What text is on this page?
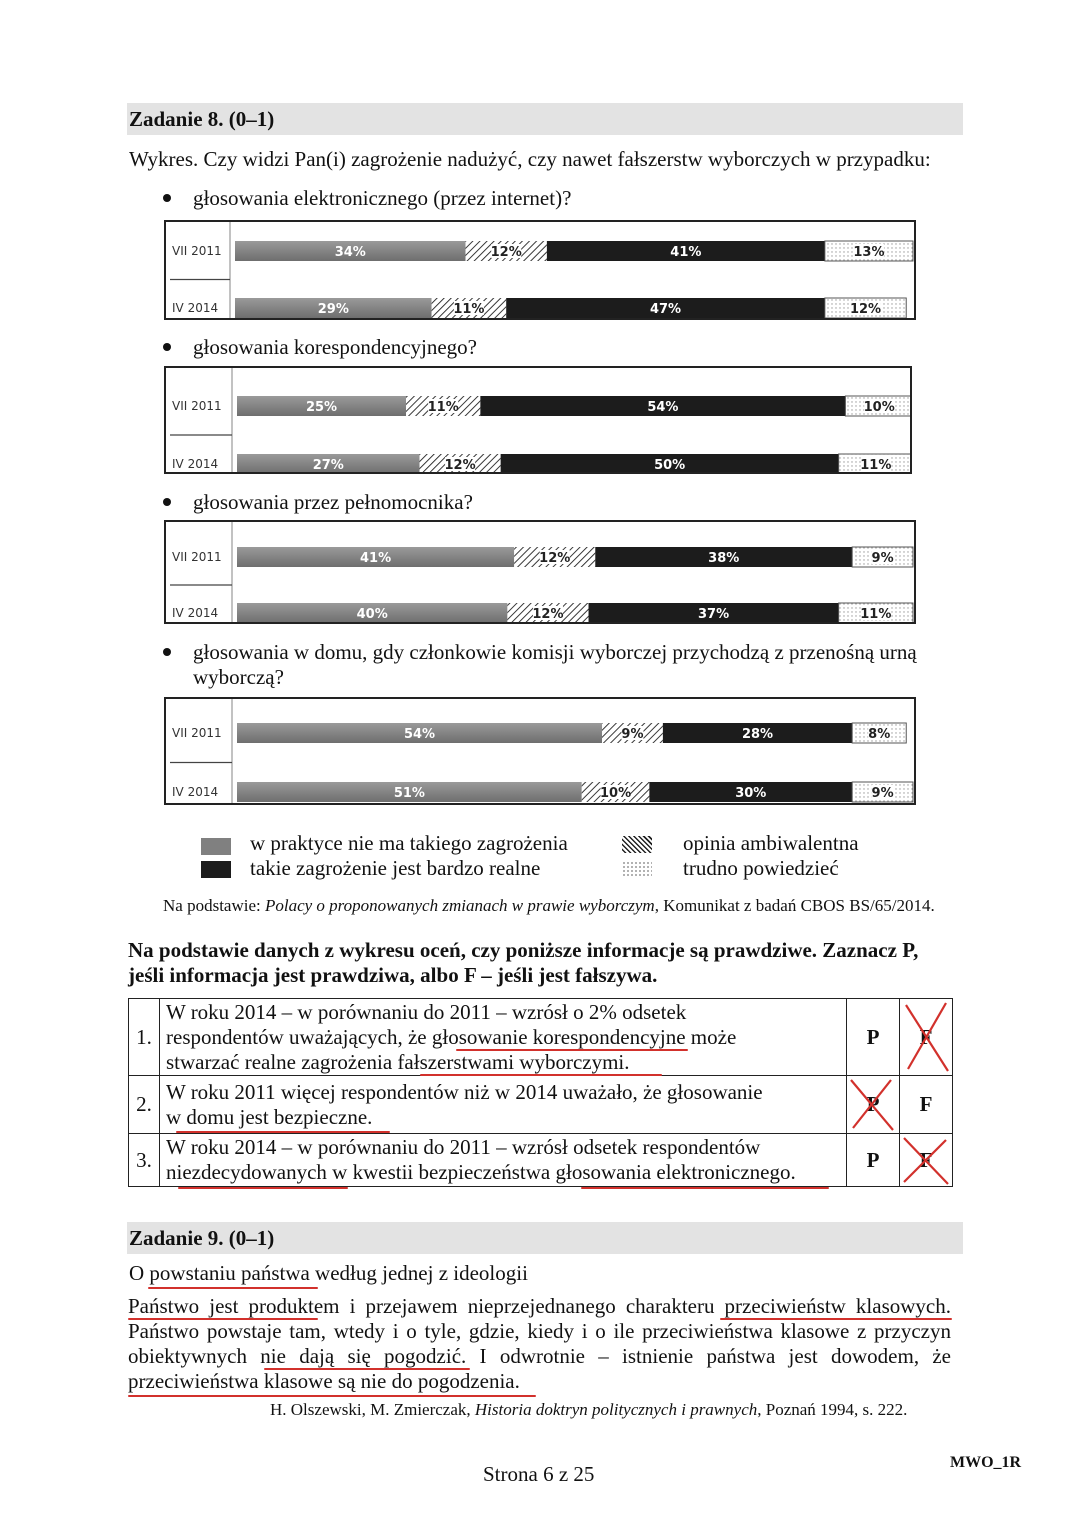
Zadanie 8. (0–1)
Wykres. Czy widzi Pan(i) zagrożenie nadużyć, czy nawet fałszerstw wyborczych w przypadku:
głosowania elektronicznego (przez internet)?
VII 2011	34%	12%	41%	13%
IV 2014	29%	11%	47%	12%
głosowania korespondencyjnego?
VII 2011	25%	11%	54%	10%
IV 2014	27%	12%	50%	11%
głosowania przez pełnomocnika?
VII 2011	41%	12%	38%	9%
IV 2014	40%	12%	37%	11%
głosowania w domu, gdy członkowie komisji wyborczej przychodzą z przenośną urną
wyborczą?
VII 2011	54%	9%	28%	8%
IV 2014	51%	10%	30%	9%
w praktyce nie ma takiego zagrożenia
takie zagrożenie jest bardzo realne
opinia ambiwalentna
trudno powiedzieć
Na podstawie: Polacy o proponowanych zmianach w prawie wyborczym, Komunikat z badań CBOS BS/65/2014.
Na podstawie danych z wykresu oceń, czy poniższe informacje są prawdziwe. Zaznacz P,
jeśli informacja jest prawdziwa, albo F – jeśli jest fałszywa.
1.	W roku 2014 – w porównaniu do 2011 – wzrósł o 2% odsetek
respondentów uważających, że głosowanie korespondencyjne może
stwarzać realne zagrożenia fałszerstwami wyborczymi.	P	F

2.	W roku 2011 więcej respondentów niż w 2014 uważało, że głosowanie
w domu jest bezpieczne.	P	F
3.	W roku 2014 – w porównaniu do 2011 – wzrósł odsetek respondentów
niezdecydowanych w kwestii bezpieczeństwa głosowania elektronicznego.	P	F
Zadanie 9. (0–1)
O powstaniu państwa według jednej z ideologii
Państwo jest produktem i przejawem nieprzejednanego charakteru przeciwieństw klasowych.
Państwo powstaje tam, wtedy i o tyle, gdzie, kiedy i o ile przeciwieństwa klasowe z przyczyn
obiektywnych nie dają się pogodzić. I odwrotnie – istnienie państwa jest dowodem, że
przeciwieństwa klasowe są nie do pogodzenia.
H. Olszewski, M. Zmierczak, Historia doktryn politycznych i prawnych, Poznań 1994, s. 222.
Strona 6 z 25	MWO_1R
